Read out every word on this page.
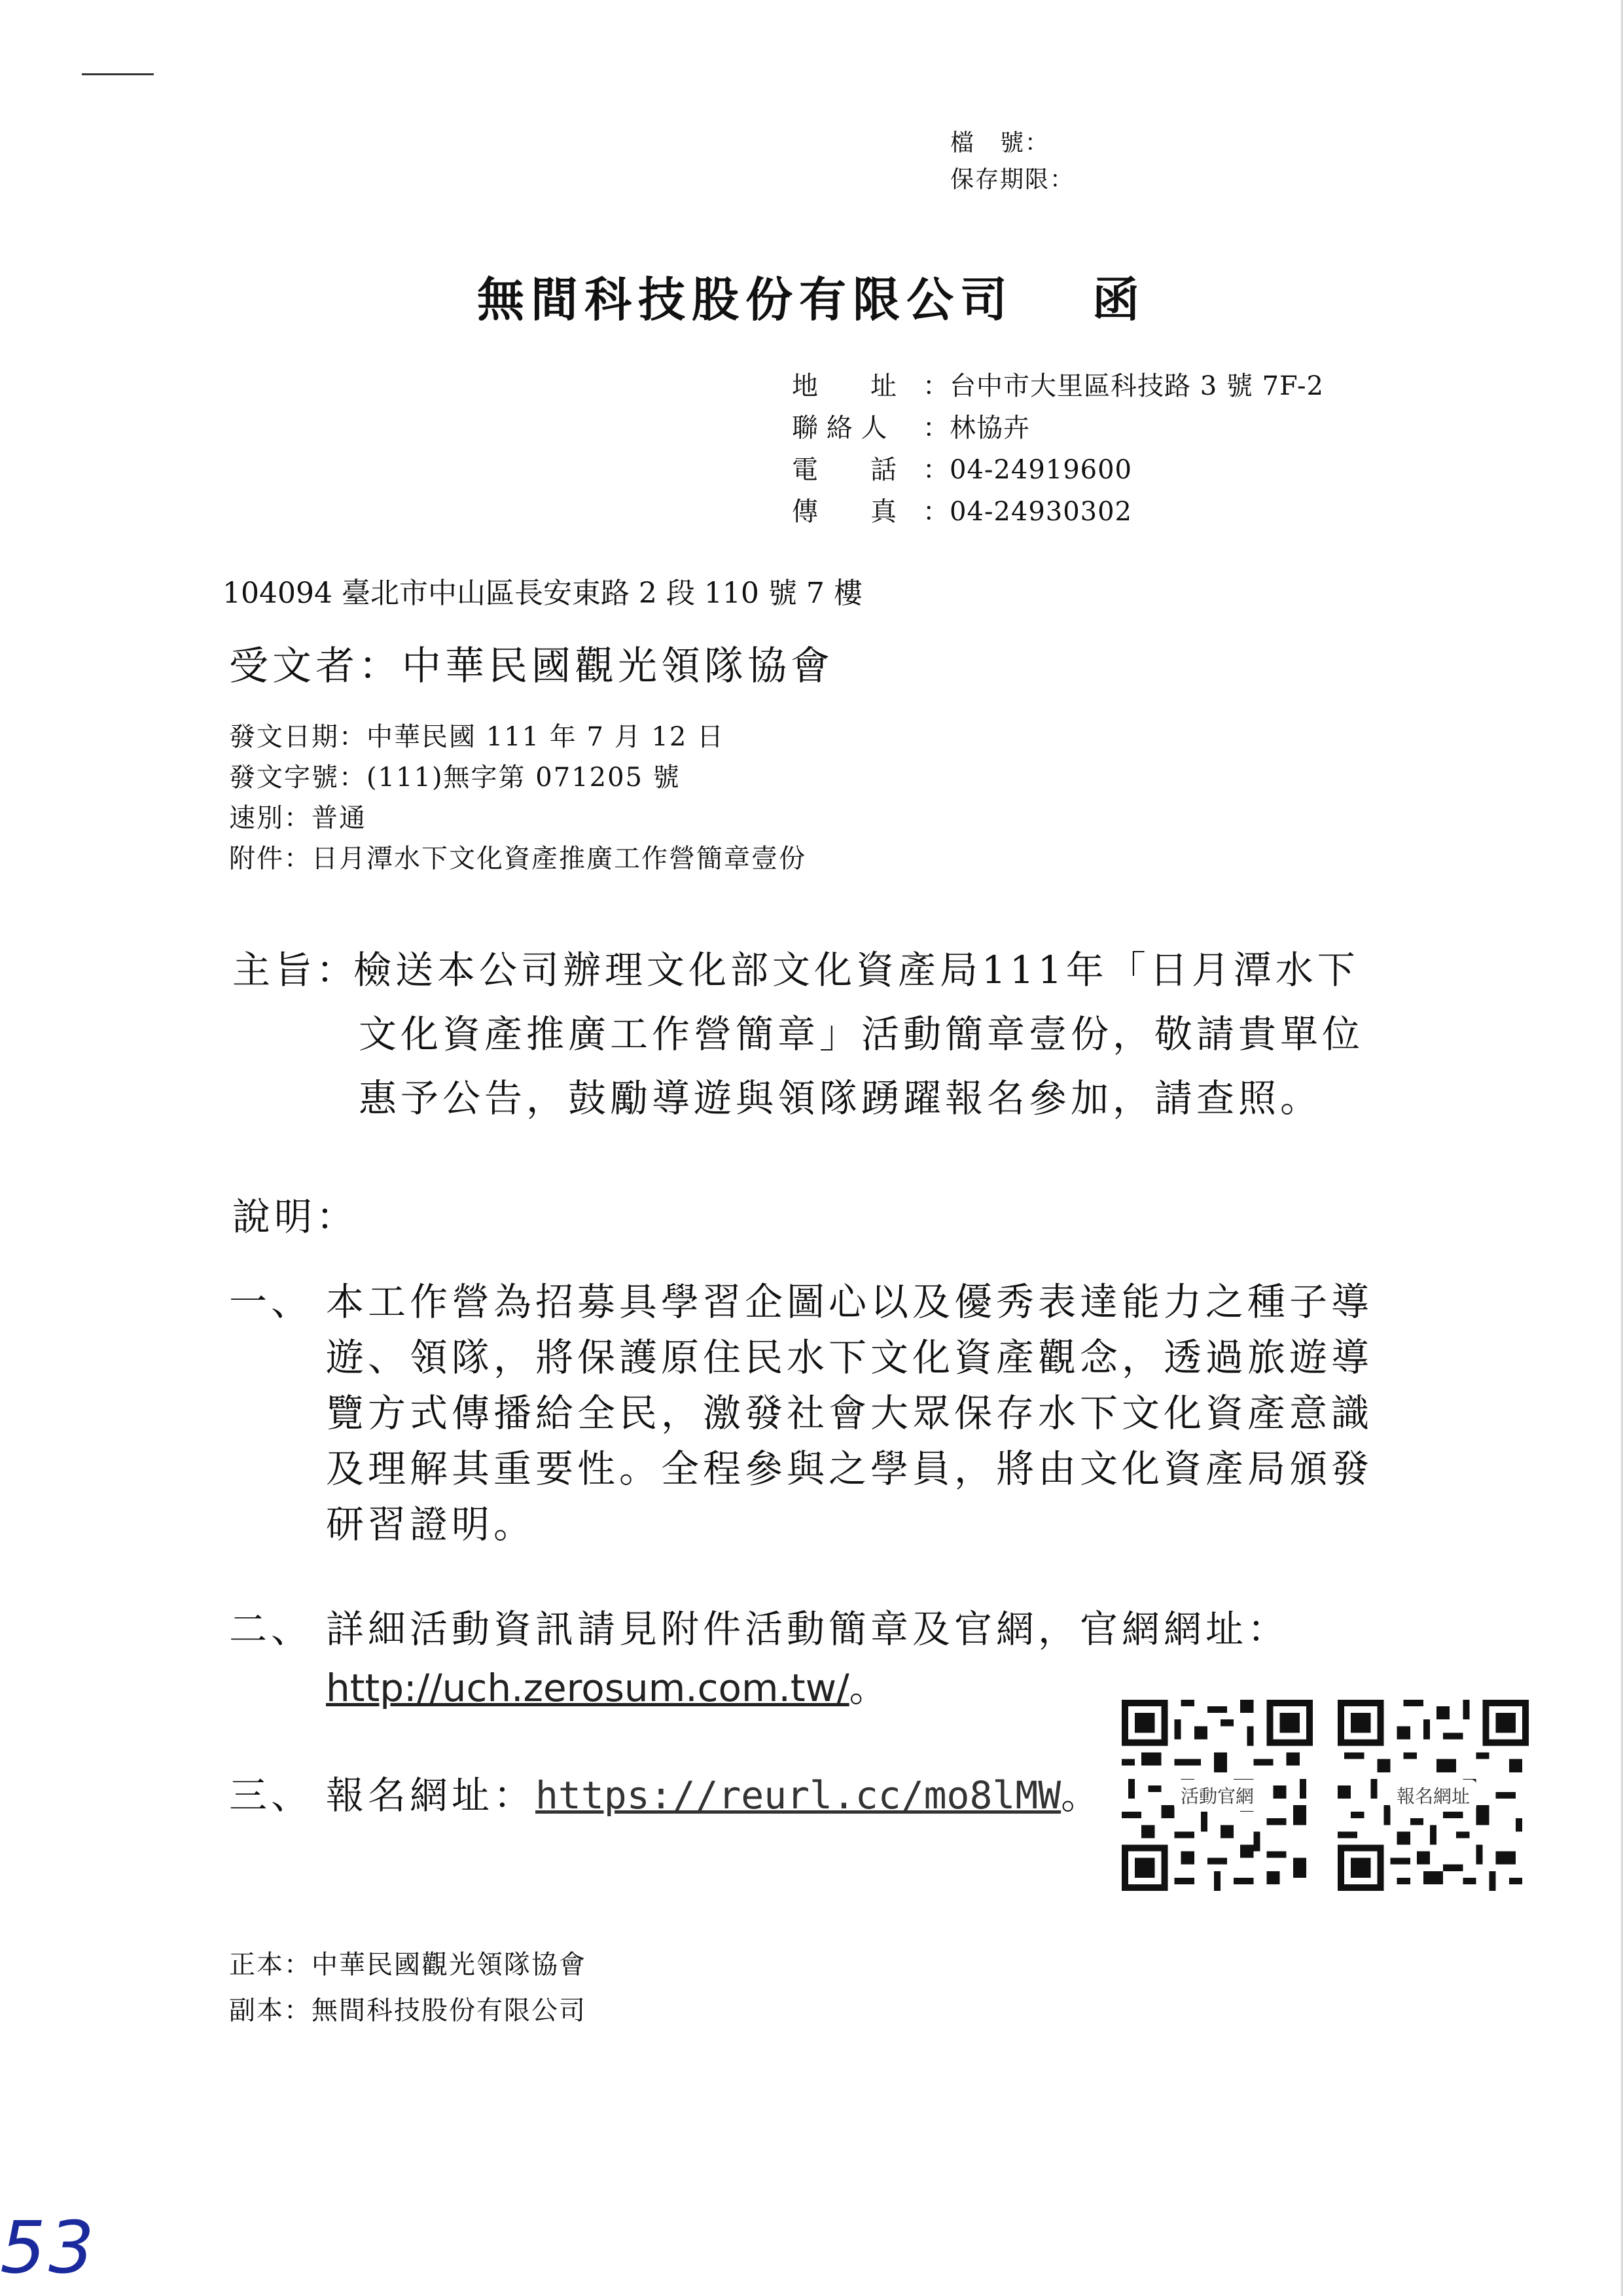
檔　號：
保存期限：
無間科技股份有限公司 函
地　　址 ：台中市大里區科技路 3 號 7F-2
聯 絡 人 ：林協卉
電　　話 ：04-24919600
傳　　真 ：04-24930302
104094 臺北市中山區長安東路 2 段 110 號 7 樓
受文者：中華民國觀光領隊協會
發文日期：中華民國 111 年 7 月 12 日
發文字號：(111)無字第 071205 號
速別：普通
附件：日月潭水下文化資產推廣工作營簡章壹份
主旨：
檢送本公司辦理文化部文化資產局111年「日月潭水下
文化資產推廣工作營簡章」活動簡章壹份，敬請貴單位
惠予公告，鼓勵導遊與領隊踴躍報名參加，請查照。
說明：
一、 本工作營為招募具學習企圖心以及優秀表達能力之種子導
遊、領隊，將保護原住民水下文化資產觀念，透過旅遊導
覽方式傳播給全民，激發社會大眾保存水下文化資產意識
及理解其重要性。全程參與之學員，將由文化資產局頒發
研習證明。
二、 詳細活動資訊請見附件活動簡章及官網，官網網址：
http://uch.zerosum.com.tw/。
三、 報名網址：https://reurl.cc/mo8lMW。	活動官網	報名網址
正本：中華民國觀光領隊協會
副本：無間科技股份有限公司
53
